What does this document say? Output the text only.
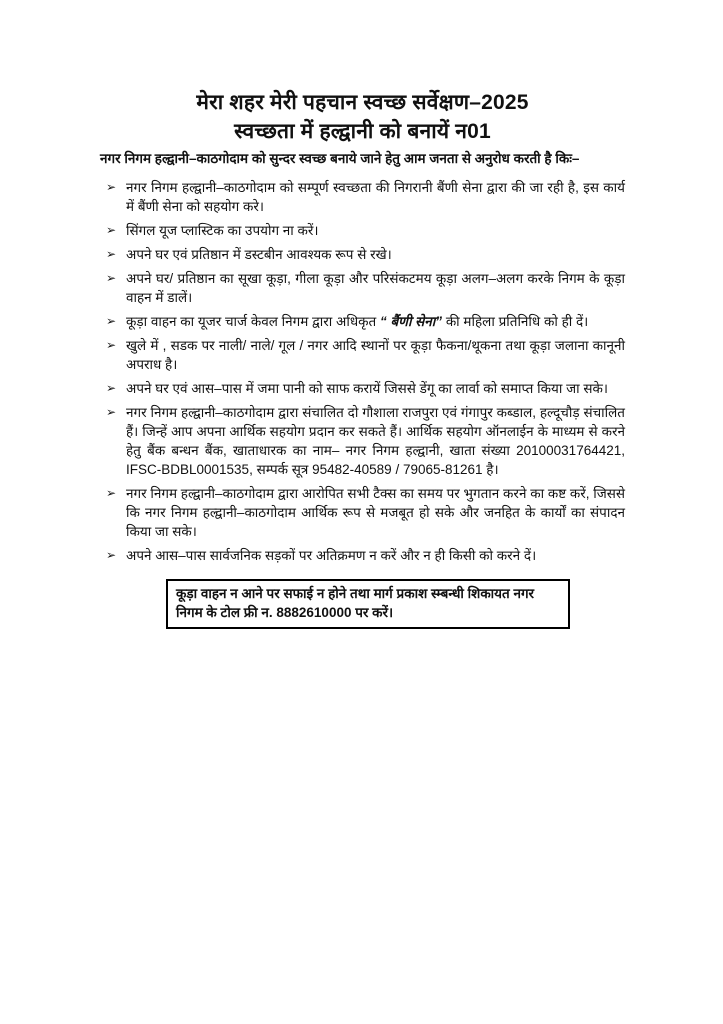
मेरा शहर मेरी पहचान स्वच्छ सर्वेक्षण–2025
स्वच्छता में हल्द्वानी को बनायें न01

नगर निगम हल्द्वानी–काठगोदाम को सुन्दर स्वच्छ बनाये जाने हेतु आम जनता से अनुरोध करती है किः–

➢ नगर निगम हल्द्वानी–काठगोदाम को सम्पूर्ण स्वच्छता की निगरानी बैंणी सेना द्वारा की जा रही है, इस कार्य में बैंणी सेना को सहयोग करे।
➢ सिंगल यूज प्लास्टिक का उपयोग ना करें।
➢ अपने घर एवं प्रतिष्ठान में डस्टबीन आवश्यक रूप से रखे।
➢ अपने घर/ प्रतिष्ठान का सूखा कूड़ा, गीला कूड़ा और परिसंकटमय कूड़ा अलग–अलग करके निगम के कूड़ा वाहन में डालें।
➢ कूड़ा वाहन का यूजर चार्ज केवल निगम द्वारा अधिकृत “ बैंणी सेना” की महिला प्रतिनिधि को ही दें।
➢ खुले में , सडक पर नाली/ नाले/ गूल / नगर आदि स्थानों पर कूड़ा फैकना/थूकना तथा कूड़ा जलाना कानूनी अपराध है।
➢ अपने घर एवं आस–पास में जमा पानी को साफ करायें जिससे डेंगू का लार्वा को समाप्त किया जा सके।
➢ नगर निगम हल्द्वानी–काठगोदाम द्वारा संचालित दो गौशाला राजपुरा एवं गंगापुर कब्डाल, हल्दूचौड़ संचालित हैं। जिन्हें आप अपना आर्थिक सहयोग प्रदान कर सकते हैं। आर्थिक सहयोग ऑनलाईन के माध्यम से करने हेतु बैंक बन्धन बैंक, खाताधारक का नाम– नगर निगम हल्द्वानी, खाता संख्या 20100031764421, IFSC-BDBL0001535, सम्पर्क सूत्र 95482-40589 / 79065-81261 है।
➢ नगर निगम हल्द्वानी–काठगोदाम द्वारा आरोपित सभी टैक्स का समय पर भुगतान करने का कष्ट करें, जिससे कि नगर निगम हल्द्वानी–काठगोदाम आर्थिक रूप से मजबूत हो सके और जनहित के कार्यों का संपादन किया जा सके।
➢ अपने आस–पास सार्वजनिक सड़कों पर अतिक्रमण न करें और न ही किसी को करने दें।
कूड़ा वाहन न आने पर सफाई न होने तथा मार्ग प्रकाश स्म्बन्धी शिकायत नगर निगम के टोल फ्री न. 8882610000 पर करें।
